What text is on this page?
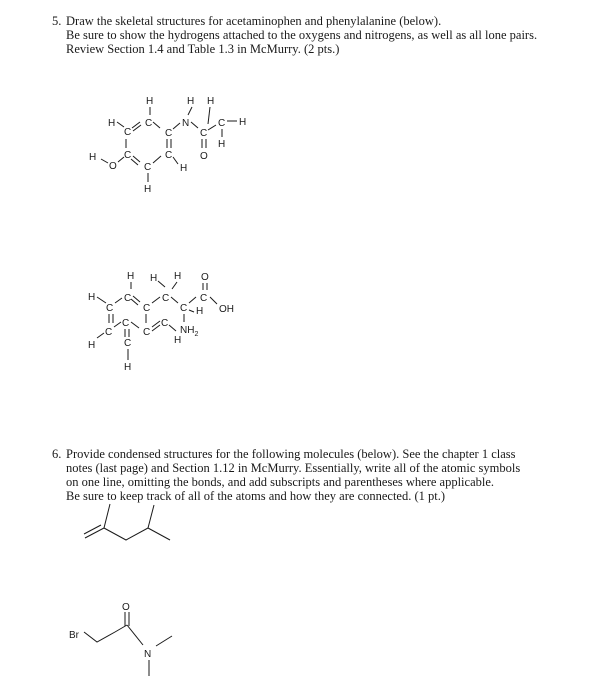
5. Draw the skeletal structures for acetaminophen and phenylalanine (below).
Be sure to show the hydrogens attached to the oxygens and nitrogens, as well as all lone pairs.
Review Section 1.4 and Table 1.3 in McMurry. (2 pts.)
6. Provide condensed structures for the following molecules (below). See the chapter 1 class
notes (last page) and Section 1.12 in McMurry. Essentially, write all of the atomic symbols
on one line, omitting the bonds, and add subscripts and parentheses where applicable.
Be sure to keep track of all of the atoms and how they are connected. (1 pt.)
H	H H
H
C
C
C
N
C
C H
H
O
C
H
C
O
H
C
H
H H H O
H
C
C
C
C
C
C
OH
H
$NH_2$
C	C
C
H
C
H
C
H
Br
O
N
